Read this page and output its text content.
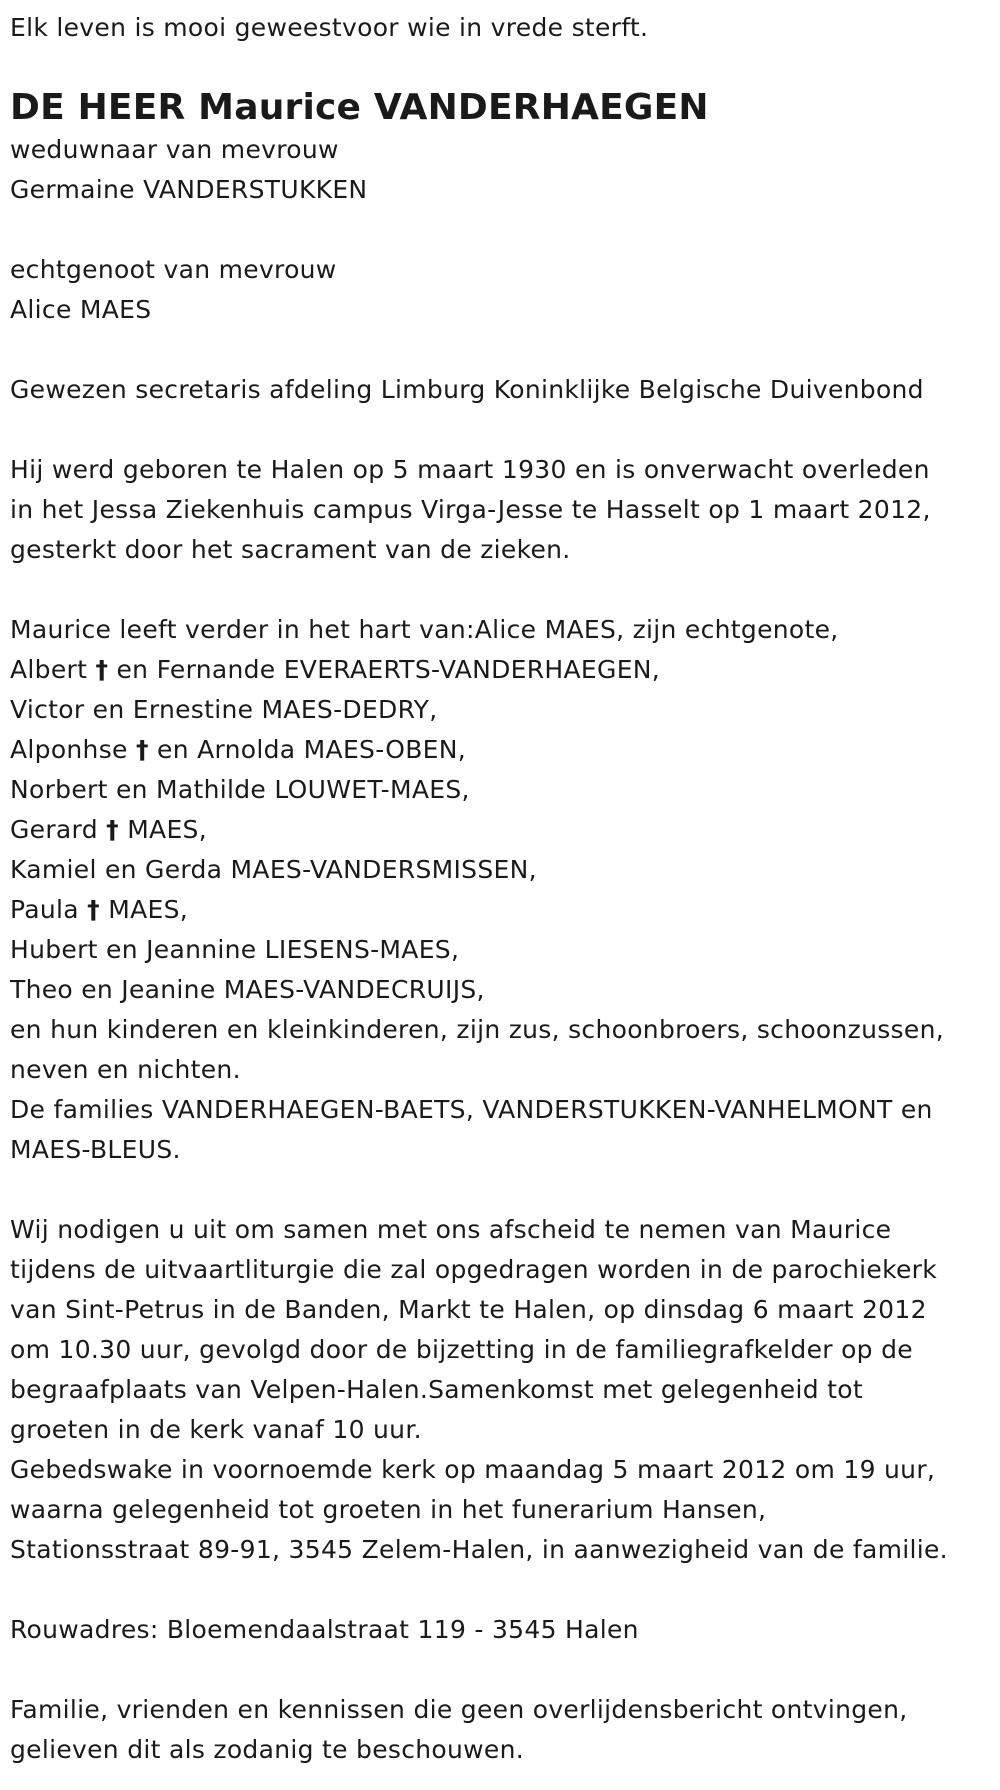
Elk leven is mooi geweestvoor wie in vrede sterft.
DE HEER Maurice VANDERHAEGEN
weduwnaar van mevrouw
Germaine VANDERSTUKKEN
echtgenoot van mevrouw
Alice MAES
Gewezen secretaris afdeling Limburg Koninklijke Belgische Duivenbond
Hij werd geboren te Halen op 5 maart 1930 en is onverwacht overleden
in het Jessa Ziekenhuis campus Virga-Jesse te Hasselt op 1 maart 2012,
gesterkt door het sacrament van de zieken.
Maurice leeft verder in het hart van:Alice MAES, zijn echtgenote,
Albert † en Fernande EVERAERTS-VANDERHAEGEN,
Victor en Ernestine MAES-DEDRY,
Alponhse † en Arnolda MAES-OBEN,
Norbert en Mathilde LOUWET-MAES,
Gerard † MAES,
Kamiel en Gerda MAES-VANDERSMISSEN,
Paula † MAES,
Hubert en Jeannine LIESENS-MAES,
Theo en Jeanine MAES-VANDECRUIJS,
en hun kinderen en kleinkinderen, zijn zus, schoonbroers, schoonzussen,
neven en nichten.
De families VANDERHAEGEN-BAETS, VANDERSTUKKEN-VANHELMONT en
MAES-BLEUS.
Wij nodigen u uit om samen met ons afscheid te nemen van Maurice
tijdens de uitvaartliturgie die zal opgedragen worden in de parochiekerk
van Sint-Petrus in de Banden, Markt te Halen, op dinsdag 6 maart 2012
om 10.30 uur, gevolgd door de bijzetting in de familiegrafkelder op de
begraafplaats van Velpen-Halen.Samenkomst met gelegenheid tot
groeten in de kerk vanaf 10 uur.
Gebedswake in voornoemde kerk op maandag 5 maart 2012 om 19 uur,
waarna gelegenheid tot groeten in het funerarium Hansen,
Stationsstraat 89-91, 3545 Zelem-Halen, in aanwezigheid van de familie.
Rouwadres: Bloemendaalstraat 119 - 3545 Halen
Familie, vrienden en kennissen die geen overlijdensbericht ontvingen,
gelieven dit als zodanig te beschouwen.
